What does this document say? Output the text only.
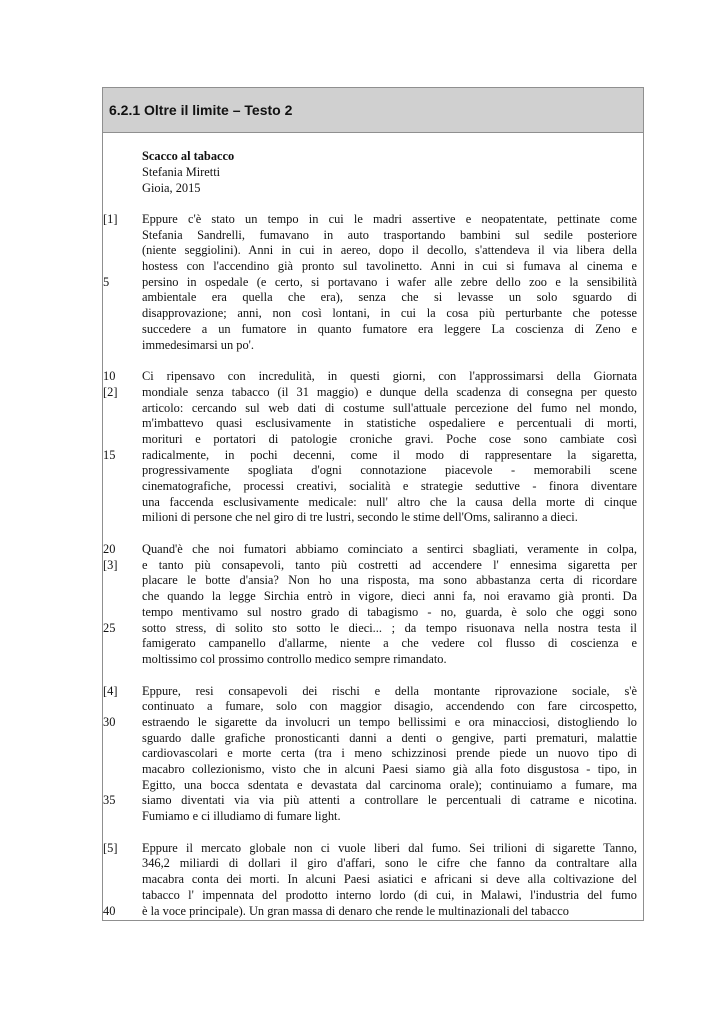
6.2.1 Oltre il limite – Testo 2
Scacco al tabacco
Stefania Miretti
Gioia, 2015
[1]	Eppure c'è stato un tempo in cui le madri assertive e neopatentate, pettinate come
Stefania Sandrelli, fumavano in auto trasportando bambini sul sedile posteriore
(niente seggiolini). Anni in cui in aereo, dopo il decollo, s'attendeva il via libera della
hostess con l'accendino già pronto sul tavolinetto. Anni in cui si fumava al cinema e
5	persino in ospedale (e certo, si portavano i wafer alle zebre dello zoo e la sensibilità
ambientale era quella che era), senza che si levasse un solo sguardo di
disapprovazione; anni, non così lontani, in cui la cosa più perturbante che potesse
succedere a un fumatore in quanto fumatore era leggere La coscienza di Zeno e
immedesimarsi un po'.
10	Ci ripensavo con incredulità, in questi giorni, con l'approssimarsi della Giornata
[2]	mondiale senza tabacco (il 31 maggio) e dunque della scadenza di consegna per questo
articolo: cercando sul web dati di costume sull'attuale percezione del fumo nel mondo,
m'imbattevo quasi esclusivamente in statistiche ospedaliere e percentuali di morti,
morituri e portatori di patologie croniche gravi. Poche cose sono cambiate così
15	radicalmente, in pochi decenni, come il modo di rappresentare la sigaretta,
progressivamente spogliata d'ogni connotazione piacevole - memorabili scene
cinematografiche, processi creativi, socialità e strategie seduttive - finora diventare
una faccenda esclusivamente medicale: null' altro che la causa della morte di cinque
milioni di persone che nel giro di tre lustri, secondo le stime dell'Oms, saliranno a dieci.
20	Quand'è che noi fumatori abbiamo cominciato a sentirci sbagliati, veramente in colpa,
[3]	e tanto più consapevoli, tanto più costretti ad accendere l' ennesima sigaretta per
placare le botte d'ansia? Non ho una risposta, ma sono abbastanza certa di ricordare
che quando la legge Sirchia entrò in vigore, dieci anni fa, noi eravamo già pronti. Da
tempo mentivamo sul nostro grado di tabagismo - no, guarda, è solo che oggi sono
25	sotto stress, di solito sto sotto le dieci... ; da tempo risuonava nella nostra testa il
famigerato campanello d'allarme, niente a che vedere col flusso di coscienza e
moltissimo col prossimo controllo medico sempre rimandato.
[4]	Eppure, resi consapevoli dei rischi e della montante riprovazione sociale, s'è
continuato a fumare, solo con maggior disagio, accendendo con fare circospetto,
30	estraendo le sigarette da involucri un tempo bellissimi e ora minacciosi, distogliendo lo
sguardo dalle grafiche pronosticanti danni a denti o gengive, parti prematuri, malattie
cardiovascolari e morte certa (tra i meno schizzinosi prende piede un nuovo tipo di
macabro collezionismo, visto che in alcuni Paesi siamo già alla foto disgustosa - tipo, in
Egitto, una bocca sdentata e devastata dal carcinoma orale); continuiamo a fumare, ma
35	siamo diventati via via più attenti a controllare le percentuali di catrame e nicotina.
Fumiamo e ci illudiamo di fumare light.
[5]	Eppure il mercato globale non ci vuole liberi dal fumo. Sei trilioni di sigarette Tanno,
346,2 miliardi di dollari il giro d'affari, sono le cifre che fanno da contraltare alla
macabra conta dei morti. In alcuni Paesi asiatici e africani si deve alla coltivazione del
tabacco l' impennata del prodotto interno lordo (di cui, in Malawi, l'industria del fumo
40	è la voce principale). Un gran massa di denaro che rende le multinazionali del tabacco
